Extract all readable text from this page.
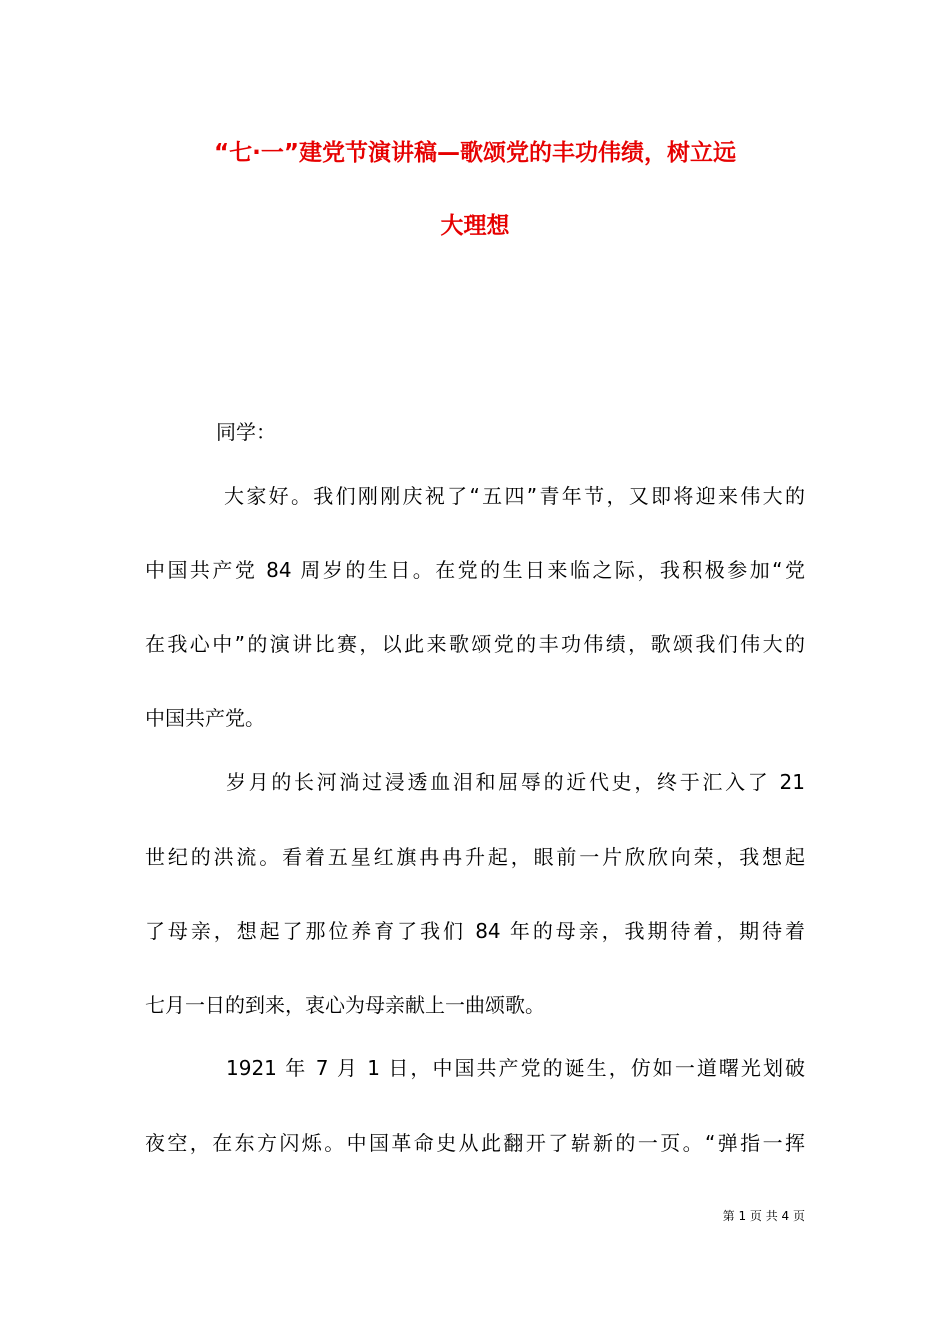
“七·一”建党节演讲稿—歌颂党的丰功伟绩，树立远
大理想
同学：
大家好。我们刚刚庆祝了“五四”青年节，又即将迎来伟大的
中国共产党 84 周岁的生日。在党的生日来临之际，我积极参加“党
在我心中”的演讲比赛，以此来歌颂党的丰功伟绩，歌颂我们伟大的
中国共产党。
岁月的长河淌过浸透血泪和屈辱的近代史，终于汇入了 21
世纪的洪流。看着五星红旗冉冉升起，眼前一片欣欣向荣，我想起
了母亲，想起了那位养育了我们 84 年的母亲，我期待着，期待着
七月一日的到来，衷心为母亲献上一曲颂歌。
1921 年 7 月 1 日，中国共产党的诞生，仿如一道曙光划破
夜空，在东方闪烁。中国革命史从此翻开了崭新的一页。“弹指一挥
第 1 页 共 4 页
